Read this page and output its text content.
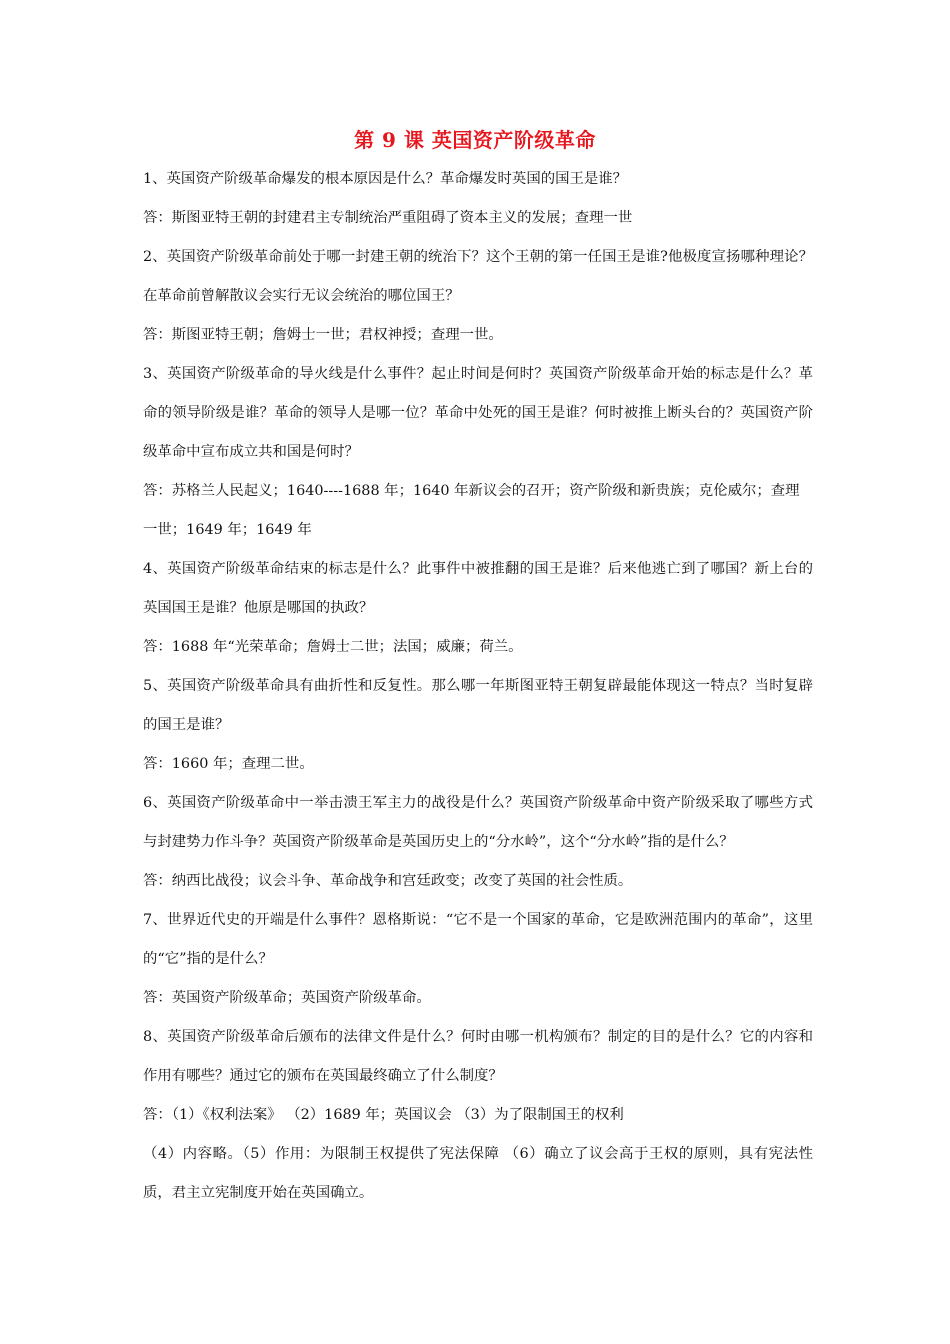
第 9 课 英国资产阶级革命

1、英国资产阶级革命爆发的根本原因是什么？革命爆发时英国的国王是谁？

答：斯图亚特王朝的封建君主专制统治严重阻碍了资本主义的发展；查理一世

2、英国资产阶级革命前处于哪一封建王朝的统治下？这个王朝的第一任国王是谁?他极度宣扬哪种理论？在革命前曾解散议会实行无议会统治的哪位国王？

答：斯图亚特王朝；詹姆士一世；君权神授；查理一世。

3、英国资产阶级革命的导火线是什么事件？起止时间是何时？英国资产阶级革命开始的标志是什么？革命的领导阶级是谁？革命的领导人是哪一位？革命中处死的国王是谁？何时被推上断头台的？英国资产阶级革命中宣布成立共和国是何时？

答：苏格兰人民起义；1640----1688 年；1640 年新议会的召开；资产阶级和新贵族；克伦威尔；查理一世；1649 年；1649 年

4、英国资产阶级革命结束的标志是什么？此事件中被推翻的国王是谁？后来他逃亡到了哪国？新上台的英国国王是谁？他原是哪国的执政？

答：1688 年“光荣革命；詹姆士二世；法国；威廉；荷兰。

5、英国资产阶级革命具有曲折性和反复性。那么哪一年斯图亚特王朝复辟最能体现这一特点？当时复辟的国王是谁？

答：1660 年；查理二世。

6、英国资产阶级革命中一举击溃王军主力的战役是什么？英国资产阶级革命中资产阶级采取了哪些方式与封建势力作斗争？英国资产阶级革命是英国历史上的“分水岭”，这个“分水岭”指的是什么？

答：纳西比战役；议会斗争、革命战争和宫廷政变；改变了英国的社会性质。

7、世界近代史的开端是什么事件？恩格斯说：“它不是一个国家的革命，它是欧洲范围内的革命”，这里的“它”指的是什么？

答：英国资产阶级革命；英国资产阶级革命。

8、英国资产阶级革命后颁布的法律文件是什么？何时由哪一机构颁布？制定的目的是什么？它的内容和作用有哪些？通过它的颁布在英国最终确立了什么制度？

答：（1）《权利法案》 （2）1689 年；英国议会 （3）为了限制国王的权利

（4）内容略。（5）作用：为限制王权提供了宪法保障 （6）确立了议会高于王权的原则，具有宪法性质，君主立宪制度开始在英国确立。
